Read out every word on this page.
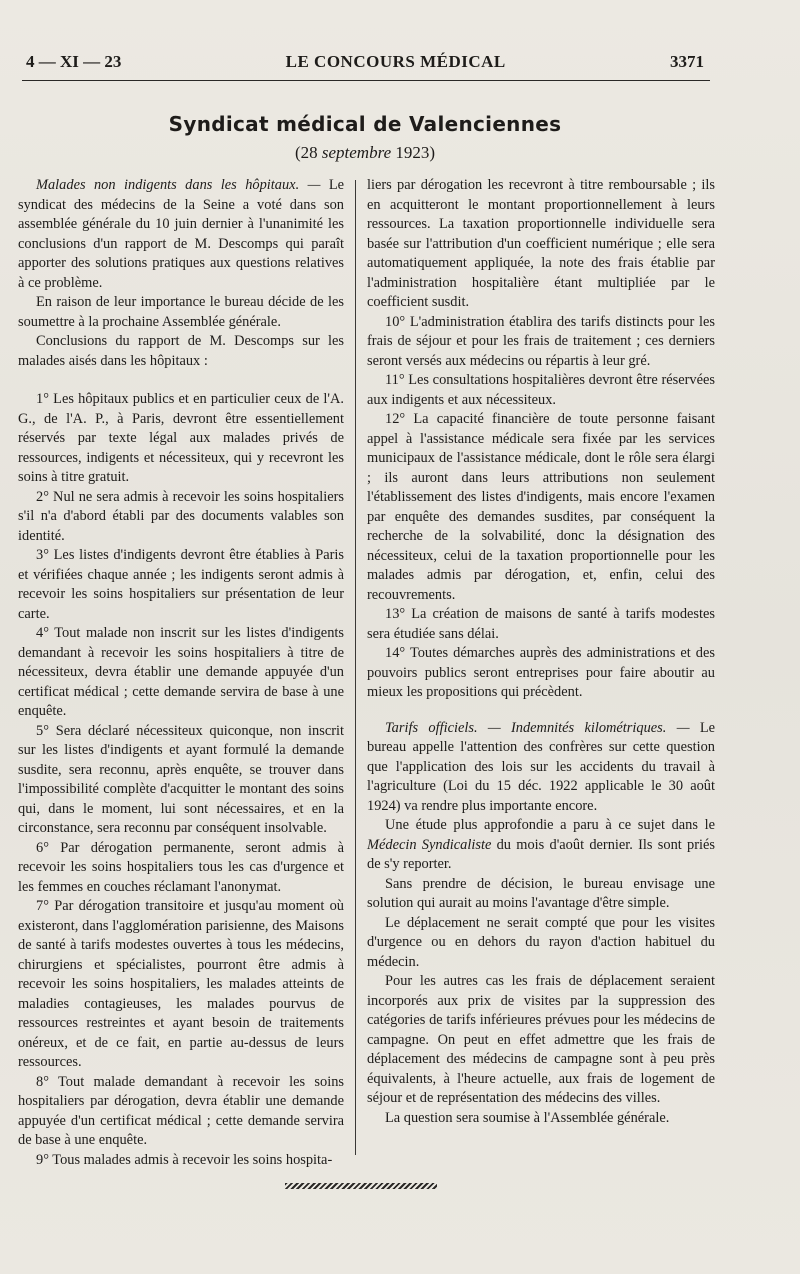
4 — XI — 23	LE CONCOURS MÉDICAL	3371
Syndicat médical de Valenciennes
(28 septembre 1923)

Malades non indigents dans les hôpitaux. — Le syndicat des médecins de la Seine a voté dans son assemblée générale du 10 juin dernier à l'unanimité les conclusions d'un rapport de M. Descomps qui paraît apporter des solutions pratiques aux questions relatives à ce problème.

En raison de leur importance le bureau décide de les soumettre à la prochaine Assemblée générale.

Conclusions du rapport de M. Descomps sur les malades aisés dans les hôpitaux :

1° Les hôpitaux publics et en particulier ceux de l'A. G., de l'A. P., à Paris, devront être essentiellement réservés par texte légal aux malades privés de ressources, indigents et nécessiteux, qui y recevront les soins à titre gratuit.

2° Nul ne sera admis à recevoir les soins hospitaliers s'il n'a d'abord établi par des documents valables son identité.

3° Les listes d'indigents devront être établies à Paris et vérifiées chaque année ; les indigents seront admis à recevoir les soins hospitaliers sur présentation de leur carte.

4° Tout malade non inscrit sur les listes d'indigents demandant à recevoir les soins hospitaliers à titre de nécessiteux, devra établir une demande appuyée d'un certificat médical ; cette demande servira de base à une enquête.

5° Sera déclaré nécessiteux quiconque, non inscrit sur les listes d'indigents et ayant formulé la demande susdite, sera reconnu, après enquête, se trouver dans l'impossibilité complète d'acquitter le montant des soins qui, dans le moment, lui sont nécessaires, et en la circonstance, sera reconnu par conséquent insolvable.

6° Par dérogation permanente, seront admis à recevoir les soins hospitaliers tous les cas d'urgence et les femmes en couches réclamant l'anonymat.

7° Par dérogation transitoire et jusqu'au moment où existeront, dans l'agglomération parisienne, des Maisons de santé à tarifs modestes ouvertes à tous les médecins, chirurgiens et spécialistes, pourront être admis à recevoir les soins hospitaliers, les malades atteints de maladies contagieuses, les malades pourvus de ressources restreintes et ayant besoin de traitements onéreux, et de ce fait, en partie au-dessus de leurs ressources.

8° Tout malade demandant à recevoir les soins hospitaliers par dérogation, devra établir une demande appuyée d'un certificat médical ; cette demande servira de base à une enquête.

9° Tous malades admis à recevoir les soins hospita-

liers par dérogation les recevront à titre remboursable ; ils en acquitteront le montant proportionnellement à leurs ressources. La taxation proportionnelle individuelle sera basée sur l'attribution d'un coefficient numérique ; elle sera automatiquement appliquée, la note des frais établie par l'administration hospitalière étant multipliée par le coefficient susdit.

10° L'administration établira des tarifs distincts pour les frais de séjour et pour les frais de traitement ; ces derniers seront versés aux médecins ou répartis à leur gré.

11° Les consultations hospitalières devront être réservées aux indigents et aux nécessiteux.

12° La capacité financière de toute personne faisant appel à l'assistance médicale sera fixée par les services municipaux de l'assistance médicale, dont le rôle sera élargi ; ils auront dans leurs attributions non seulement l'établissement des listes d'indigents, mais encore l'examen par enquête des demandes susdites, par conséquent la recherche de la solvabilité, donc la désignation des nécessiteux, celui de la taxation proportionnelle pour les malades admis par dérogation, et, enfin, celui des recouvrements.

13° La création de maisons de santé à tarifs modestes sera étudiée sans délai.

14° Toutes démarches auprès des administrations et des pouvoirs publics seront entreprises pour faire aboutir au mieux les propositions qui précèdent.

Tarifs officiels. — Indemnités kilométriques. — Le bureau appelle l'attention des confrères sur cette question que l'application des lois sur les accidents du travail à l'agriculture (Loi du 15 déc. 1922 applicable le 30 août 1924) va rendre plus importante encore.

Une étude plus approfondie a paru à ce sujet dans le Médecin Syndicaliste du mois d'août dernier. Ils sont priés de s'y reporter.

Sans prendre de décision, le bureau envisage une solution qui aurait au moins l'avantage d'être simple.

Le déplacement ne serait compté que pour les visites d'urgence ou en dehors du rayon d'action habituel du médecin.

Pour les autres cas les frais de déplacement seraient incorporés aux prix de visites par la suppression des catégories de tarifs inférieures prévues pour les médecins de campagne. On peut en effet admettre que les frais de déplacement des médecins de campagne sont à peu près équivalents, à l'heure actuelle, aux frais de logement de séjour et de représentation des médecins des villes.

La question sera soumise à l'Assemblée générale.
